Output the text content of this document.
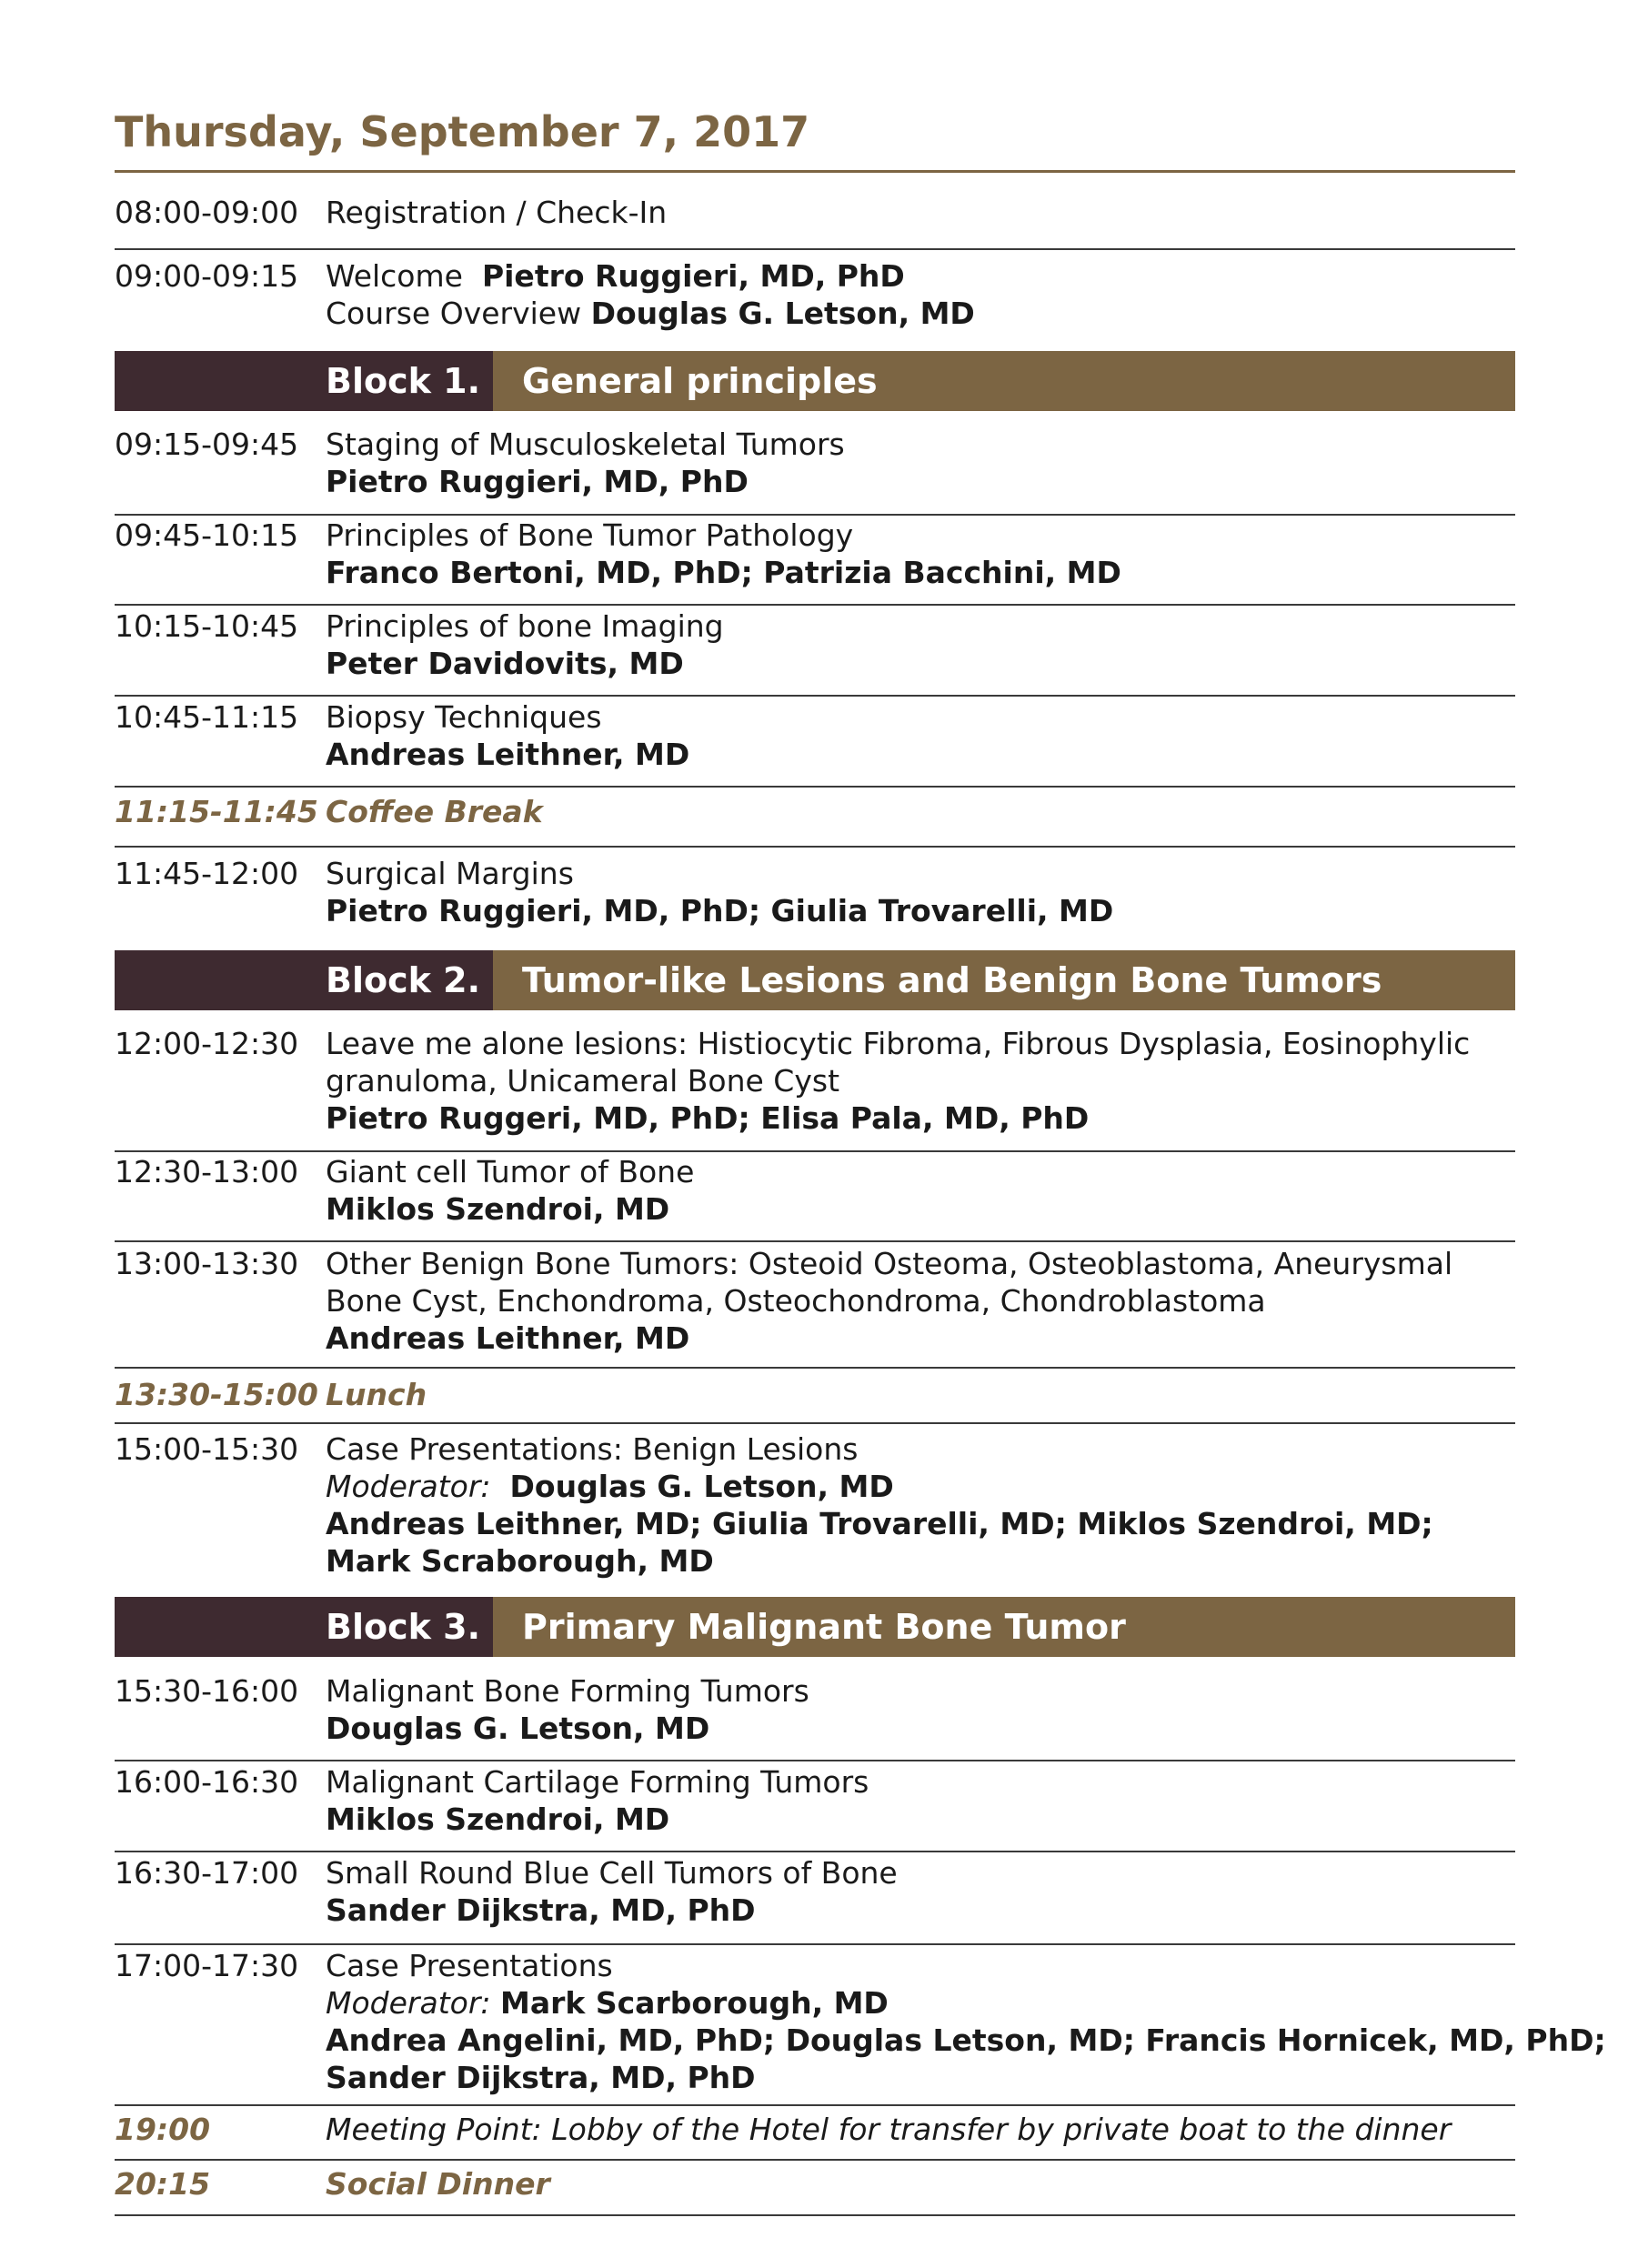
Thursday, September 7, 2017
08:00-09:00 Registration / Check-In
09:00-09:15 Welcome Pietro Ruggieri, MD, PhD
Course Overview Douglas G. Letson, MD
Block 1. General principles
09:15-09:45 Staging of Musculoskeletal Tumors
Pietro Ruggieri, MD, PhD
09:45-10:15 Principles of Bone Tumor Pathology
Franco Bertoni, MD, PhD; Patrizia Bacchini, MD
10:15-10:45 Principles of bone Imaging
Peter Davidovits, MD
10:45-11:15 Biopsy Techniques
Andreas Leithner, MD
11:15-11:45 Coffee Break
11:45-12:00 Surgical Margins
Pietro Ruggieri, MD, PhD; Giulia Trovarelli, MD
Block 2. Tumor-like Lesions and Benign Bone Tumors
12:00-12:30 Leave me alone lesions: Histiocytic Fibroma, Fibrous Dysplasia, Eosinophylic granuloma, Unicameral Bone Cyst
Pietro Ruggeri, MD, PhD; Elisa Pala, MD, PhD
12:30-13:00 Giant cell Tumor of Bone
Miklos Szendroi, MD
13:00-13:30 Other Benign Bone Tumors: Osteoid Osteoma, Osteoblastoma, Aneurysmal Bone Cyst, Enchondroma, Osteochondroma, Chondroblastoma
Andreas Leithner, MD
13:30-15:00 Lunch
15:00-15:30 Case Presentations: Benign Lesions
Moderator: Douglas G. Letson, MD
Andreas Leithner, MD; Giulia Trovarelli, MD; Miklos Szendroi, MD;
Mark Scraborough, MD
Block 3. Primary Malignant Bone Tumor
15:30-16:00 Malignant Bone Forming Tumors
Douglas G. Letson, MD
16:00-16:30 Malignant Cartilage Forming Tumors
Miklos Szendroi, MD
16:30-17:00 Small Round Blue Cell Tumors of Bone
Sander Dijkstra, MD, PhD
17:00-17:30 Case Presentations
Moderator: Mark Scarborough, MD
Andrea Angelini, MD, PhD; Douglas Letson, MD; Francis Hornicek, MD, PhD;
Sander Dijkstra, MD, PhD
19:00	Meeting Point: Lobby of the Hotel for transfer by private boat to the dinner
20:15	Social Dinner
